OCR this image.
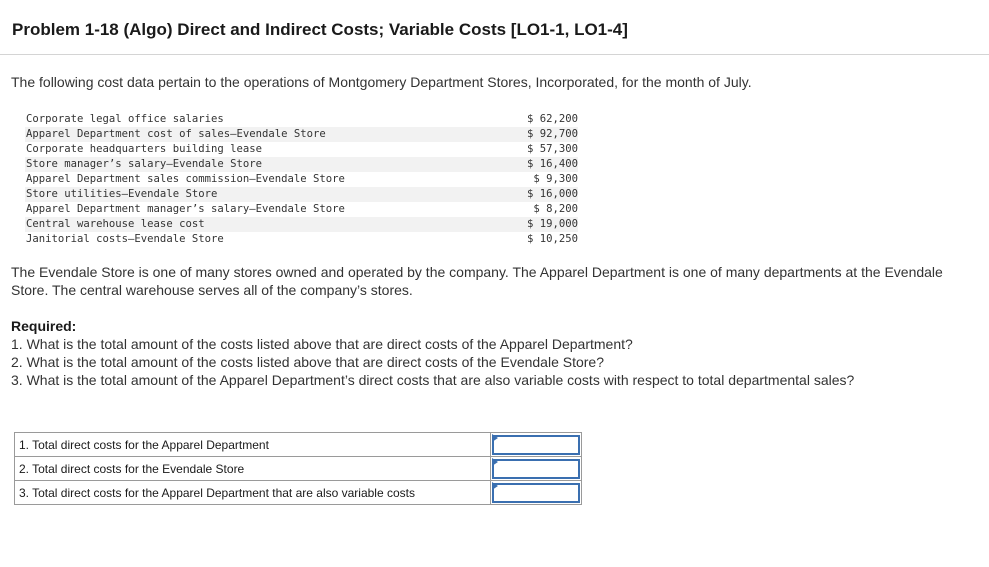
Problem 1-18 (Algo) Direct and Indirect Costs; Variable Costs [LO1-1, LO1-4]

The following cost data pertain to the operations of Montgomery Department Stores, Incorporated, for the month of July.

Corporate legal office salaries	$ 62,200
Apparel Department cost of sales—Evendale Store	$ 92,700
Corporate headquarters building lease	$ 57,300
Store manager’s salary—Evendale Store	$ 16,400
Apparel Department sales commission—Evendale Store	$ 9,300
Store utilities—Evendale Store	$ 16,000
Apparel Department manager’s salary—Evendale Store	$ 8,200
Central warehouse lease cost	$ 19,000
Janitorial costs—Evendale Store	$ 10,250

The Evendale Store is one of many stores owned and operated by the company. The Apparel Department is one of many departments at the Evendale Store. The central warehouse serves all of the company’s stores.

Required:

1. What is the total amount of the costs listed above that are direct costs of the Apparel Department?

2. What is the total amount of the costs listed above that are direct costs of the Evendale Store?

3. What is the total amount of the Apparel Department’s direct costs that are also variable costs with respect to total departmental sales?

1. Total direct costs for the Apparel Department	

2. Total direct costs for the Evendale Store	

3. Total direct costs for the Apparel Department that are also variable costs	
